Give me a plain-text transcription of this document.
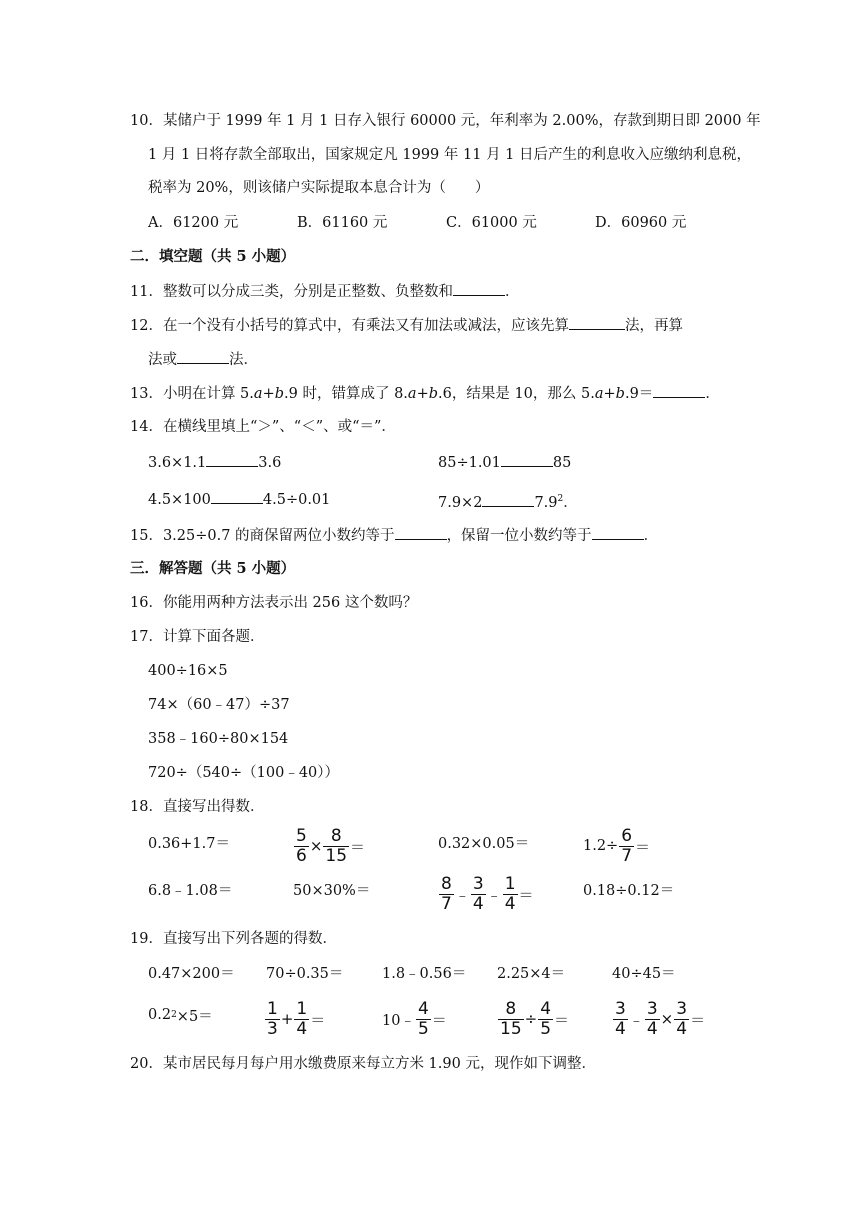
10．某储户于 1999 年 1 月 1 日存入银行 60000 元，年利率为 2.00%，存款到期日即 2000 年
1 月 1 日将存款全部取出，国家规定凡 1999 年 11 月 1 日后产生的利息收入应缴纳利息税，
税率为 20%，则该储户实际提取本息合计为（　　）
A．61200 元	B．61160 元	C．61000 元	D．60960 元
二．填空题（共 5 小题）
11．整数可以分成三类，分别是正整数、负整数和	．
12．在一个没有小括号的算式中，有乘法又有加法或减法，应该先算	法，再算
法或	法．
13．小明在计算 5.a+b.9 时，错算成了 8.a+b.6，结果是 10，那么 5.a+b.9＝	．
14．在横线里填上“＞”、“＜”、或“＝”．
3.6×1.1	3.6	85÷1.01	85
4.5×100	4.5÷0.01	7.9×2	$7.9^2$．
15．3.25÷0.7 的商保留两位小数约等于	，保留一位小数约等于	．
三．解答题（共 5 小题）
16．你能用两种方法表示出 256 这个数吗？
17．计算下面各题．
400÷16×5
74×（60﹣47）÷37
358﹣160÷80×154
720÷（540÷（100﹣40））
18．直接写出得数．
0.36+1.7＝	$\frac{5}{6} \times \frac{8}{15}$ ＝	0.32×0.05＝	$1.2\div \frac{6}{7}$ ＝
6.8﹣1.08＝	50×30%＝	$\frac{8}{7}$ ﹣ $\frac{3}{4}$ ﹣ $\frac{1}{4}$ ＝	0.18÷0.12＝
19．直接写出下列各题的得数．
0.47×200＝ 70÷0.35＝	1.8﹣0.56＝ 2.25×4＝	40÷45＝
0.2 2 ×5＝	$\frac{1}{3} + \frac{1}{4}$ ＝	10﹣ $\frac{4}{5}$ ＝	$\frac{8}{15} \div \frac{4}{5}$ ＝	$\frac{3}{4}$ ﹣ $\frac{3}{4} \times \frac{3}{4}$ ＝
20．某市居民每月每户用水缴费原来每立方米 1.90 元，现作如下调整．
